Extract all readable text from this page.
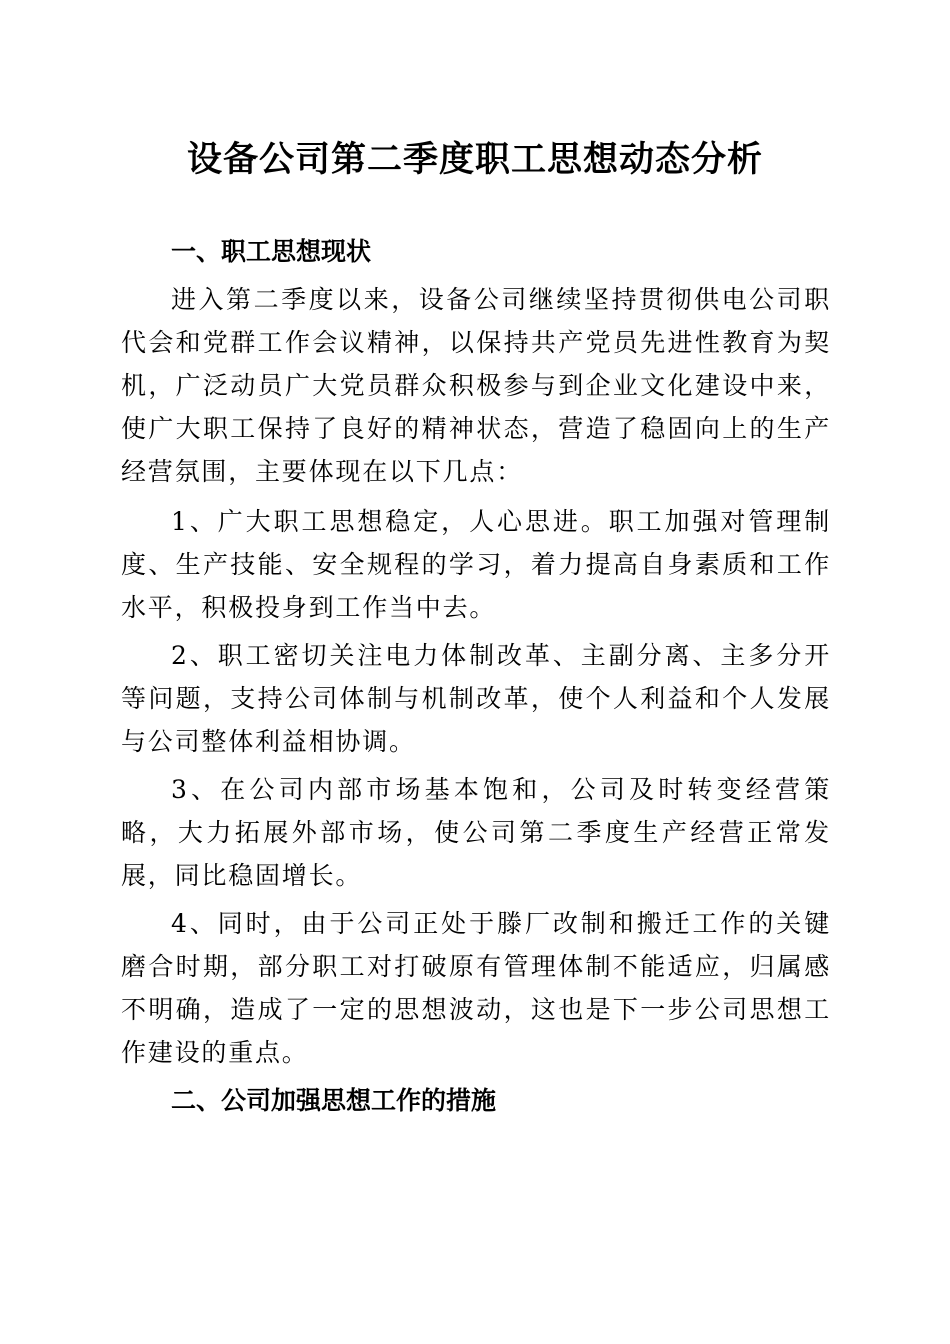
设备公司第二季度职工思想动态分析
一、职工思想现状

进入第二季度以来，设备公司继续坚持贯彻供电公司职代会和党群工作会议精神，以保持共产党员先进性教育为契机，广泛动员广大党员群众积极参与到企业文化建设中来，使广大职工保持了良好的精神状态，营造了稳固向上的生产经营氛围，主要体现在以下几点：

1、广大职工思想稳定，人心思进。职工加强对管理制度、生产技能、安全规程的学习，着力提高自身素质和工作水平，积极投身到工作当中去。

2、职工密切关注电力体制改革、主副分离、主多分开等问题，支持公司体制与机制改革，使个人利益和个人发展与公司整体利益相协调。

3、在公司内部市场基本饱和，公司及时转变经营策略，大力拓展外部市场，使公司第二季度生产经营正常发展，同比稳固增长。

4、同时，由于公司正处于滕厂改制和搬迁工作的关键磨合时期，部分职工对打破原有管理体制不能适应，归属感不明确，造成了一定的思想波动，这也是下一步公司思想工作建设的重点。

二、公司加强思想工作的措施
